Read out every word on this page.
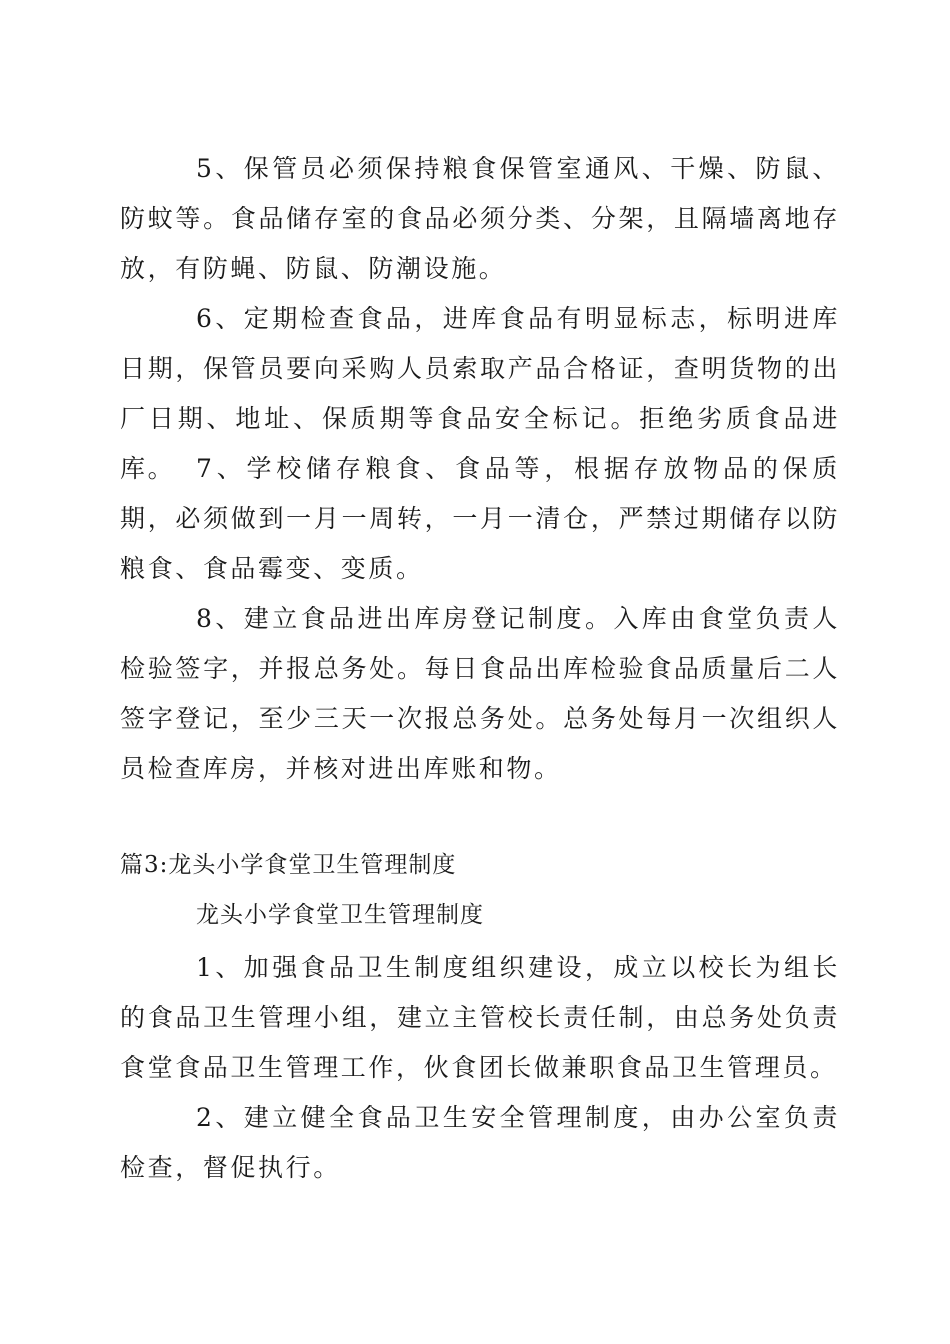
5、保管员必须保持粮食保管室通风、干燥、防鼠、防蚊等。食品储存室的食品必须分类、分架，且隔墙离地存放，有防蝇、防鼠、防潮设施。

6、定期检查食品，进库食品有明显标志，标明进库日期，保管员要向采购人员索取产品合格证，查明货物的出厂日期、地址、保质期等食品安全标记。拒绝劣质食品进库。 7、学校储存粮食、食品等，根据存放物品的保质期，必须做到一月一周转，一月一清仓，严禁过期储存以防粮食、食品霉变、变质。

8、建立食品进出库房登记制度。入库由食堂负责人检验签字，并报总务处。每日食品出库检验食品质量后二人签字登记，至少三天一次报总务处。总务处每月一次组织人员检查库房，并核对进出库账和物。

篇3:龙头小学食堂卫生管理制度

龙头小学食堂卫生管理制度

1、加强食品卫生制度组织建设，成立以校长为组长的食品卫生管理小组，建立主管校长责任制，由总务处负责食堂食品卫生管理工作，伙食团长做兼职食品卫生管理员。

2、建立健全食品卫生安全管理制度，由办公室负责检查，督促执行。
